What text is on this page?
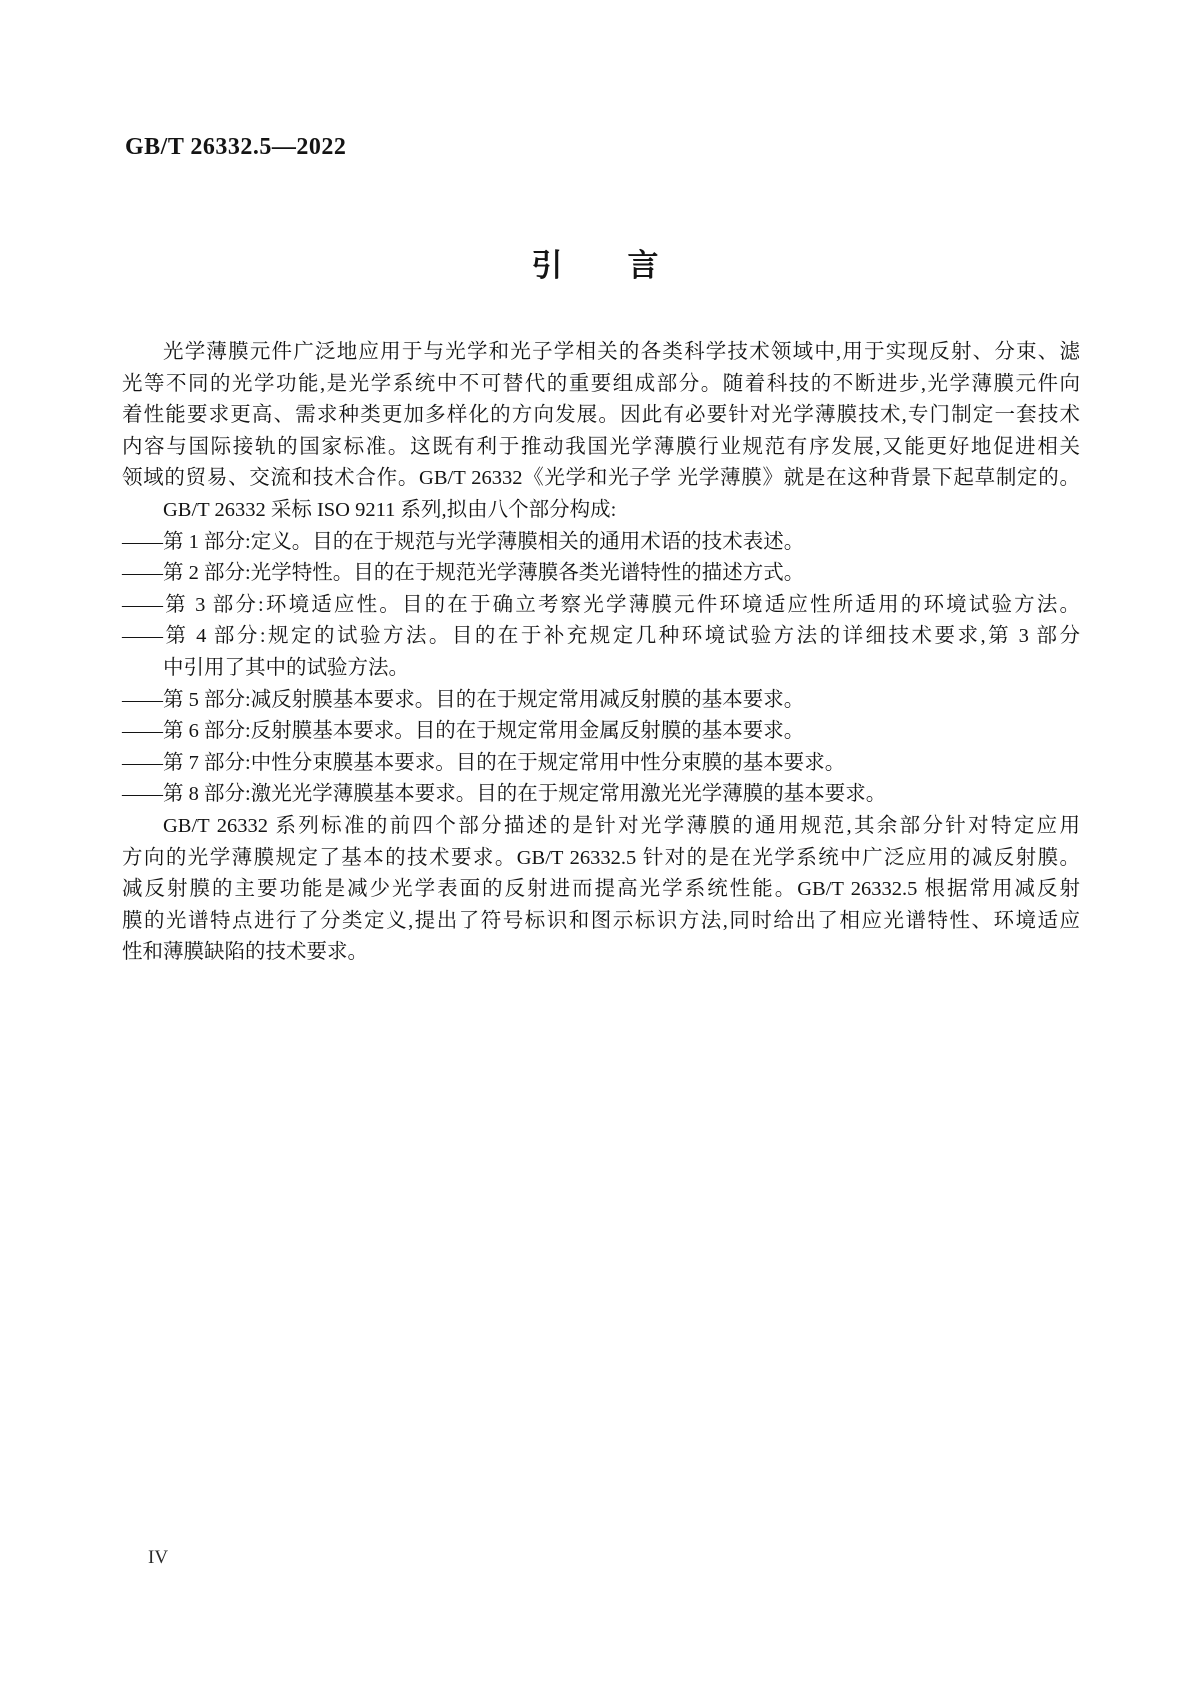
GB/T 26332.5—2022
引 言
光学薄膜元件广泛地应用于与光学和光子学相关的各类科学技术领域中,用于实现反射、分束、滤
光等不同的光学功能,是光学系统中不可替代的重要组成部分。随着科技的不断进步,光学薄膜元件向
着性能要求更高、需求种类更加多样化的方向发展。因此有必要针对光学薄膜技术,专门制定一套技术
内容与国际接轨的国家标准。这既有利于推动我国光学薄膜行业规范有序发展,又能更好地促进相关
领域的贸易、交流和技术合作。GB/T 26332《光学和光子学 光学薄膜》就是在这种背景下起草制定的。
GB/T 26332 采标 ISO 9211 系列,拟由八个部分构成:
——第 1 部分:定义。目的在于规范与光学薄膜相关的通用术语的技术表述。
——第 2 部分:光学特性。目的在于规范光学薄膜各类光谱特性的描述方式。
——第 3 部分:环境适应性。目的在于确立考察光学薄膜元件环境适应性所适用的环境试验方法。
——第 4 部分:规定的试验方法。目的在于补充规定几种环境试验方法的详细技术要求,第 3 部分
中引用了其中的试验方法。
——第 5 部分:减反射膜基本要求。目的在于规定常用减反射膜的基本要求。
——第 6 部分:反射膜基本要求。目的在于规定常用金属反射膜的基本要求。
——第 7 部分:中性分束膜基本要求。目的在于规定常用中性分束膜的基本要求。
——第 8 部分:激光光学薄膜基本要求。目的在于规定常用激光光学薄膜的基本要求。
GB/T 26332 系列标准的前四个部分描述的是针对光学薄膜的通用规范,其余部分针对特定应用
方向的光学薄膜规定了基本的技术要求。GB/T 26332.5 针对的是在光学系统中广泛应用的减反射膜。
减反射膜的主要功能是减少光学表面的反射进而提高光学系统性能。GB/T 26332.5 根据常用减反射
膜的光谱特点进行了分类定义,提出了符号标识和图示标识方法,同时给出了相应光谱特性、环境适应
性和薄膜缺陷的技术要求。
IV
